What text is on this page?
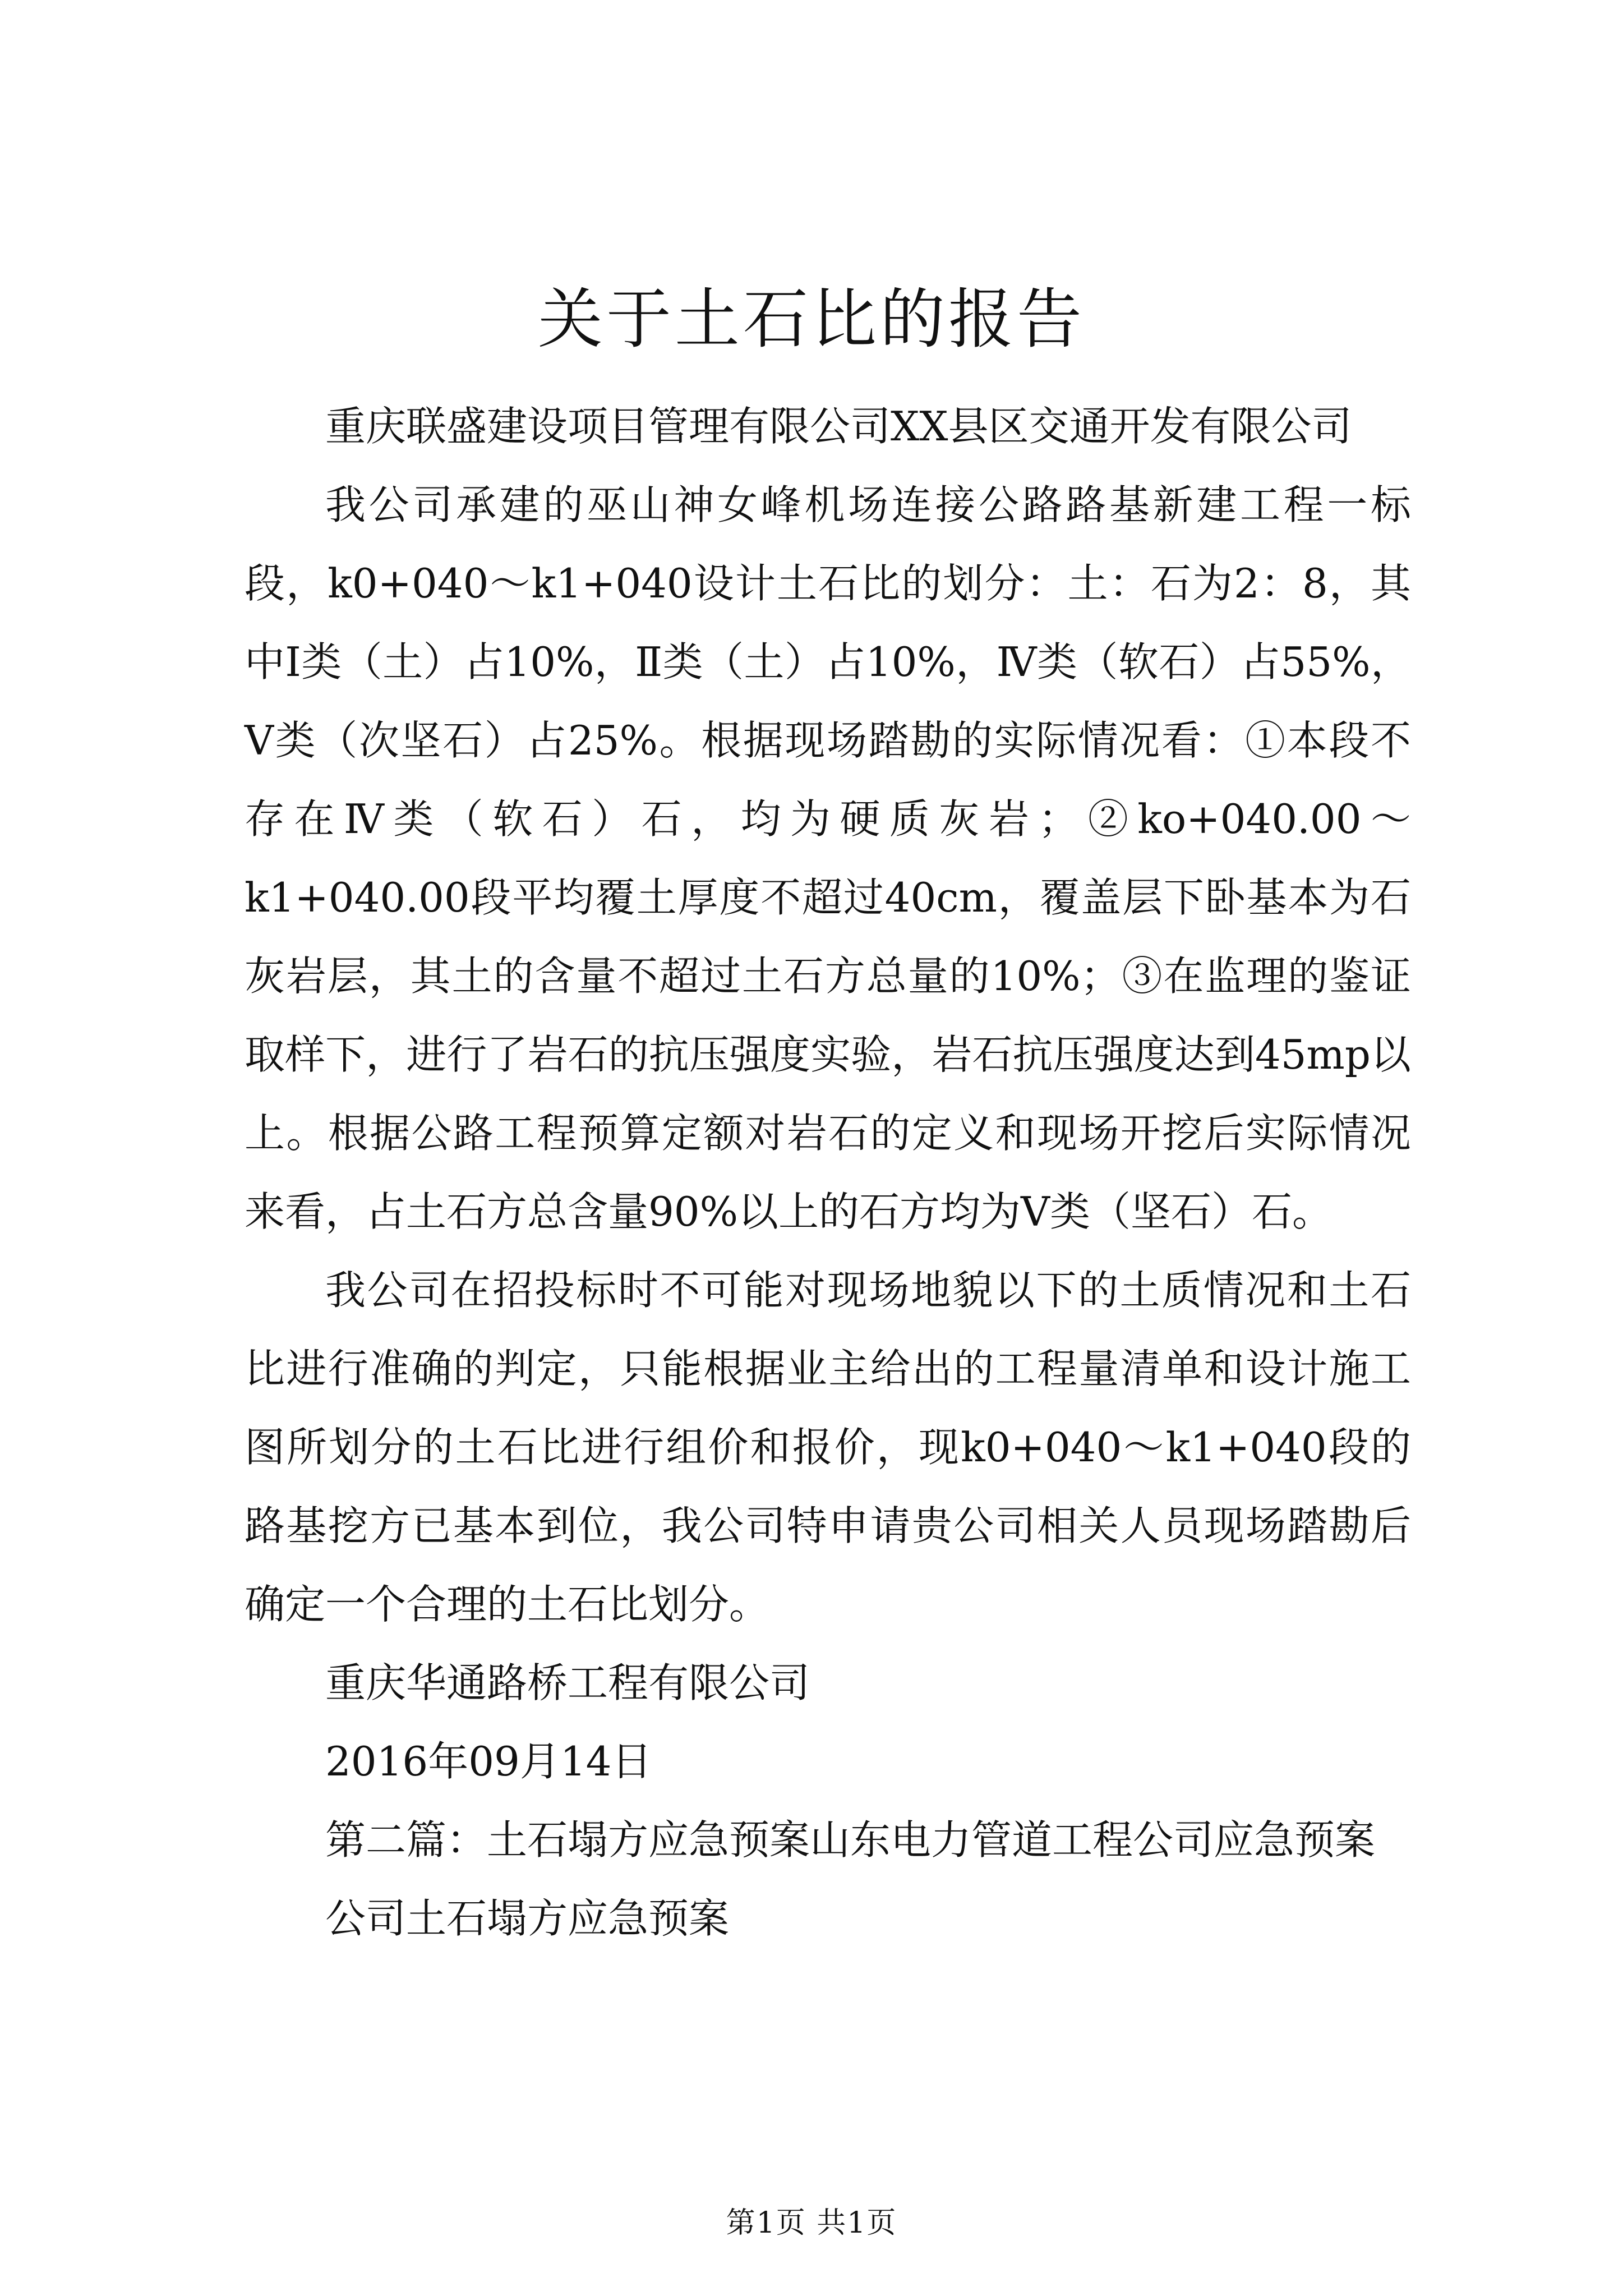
关于土石比的报告

重庆联盛建设项目管理有限公司XX县区交通开发有限公司

我公司承建的巫山神女峰机场连接公路路基新建工程一标段，k0+040～k1+040设计土石比的划分：土：石为2：8，其中Ⅰ类（土）占10%，Ⅱ类（土）占10%，Ⅳ类（软石）占55%，Ⅴ类（次坚石）占25%。根据现场踏勘的实际情况看：①本段不存在Ⅳ类（软石）石，均为硬质灰岩；②ko+040.00～k1+040.00段平均覆土厚度不超过40cm，覆盖层下卧基本为石灰岩层，其土的含量不超过土石方总量的10%；③在监理的鉴证取样下，进行了岩石的抗压强度实验，岩石抗压强度达到45mp以上。根据公路工程预算定额对岩石的定义和现场开挖后实际情况来看，占土石方总含量90%以上的石方均为Ⅴ类（坚石）石。

我公司在招投标时不可能对现场地貌以下的土质情况和土石比进行准确的判定，只能根据业主给出的工程量清单和设计施工图所划分的土石比进行组价和报价，现k0+040～k1+040段的路基挖方已基本到位，我公司特申请贵公司相关人员现场踏勘后确定一个合理的土石比划分。

重庆华通路桥工程有限公司

2016年09月14日

第二篇：土石塌方应急预案山东电力管道工程公司应急预案

公司土石塌方应急预案

第1页 共1页
